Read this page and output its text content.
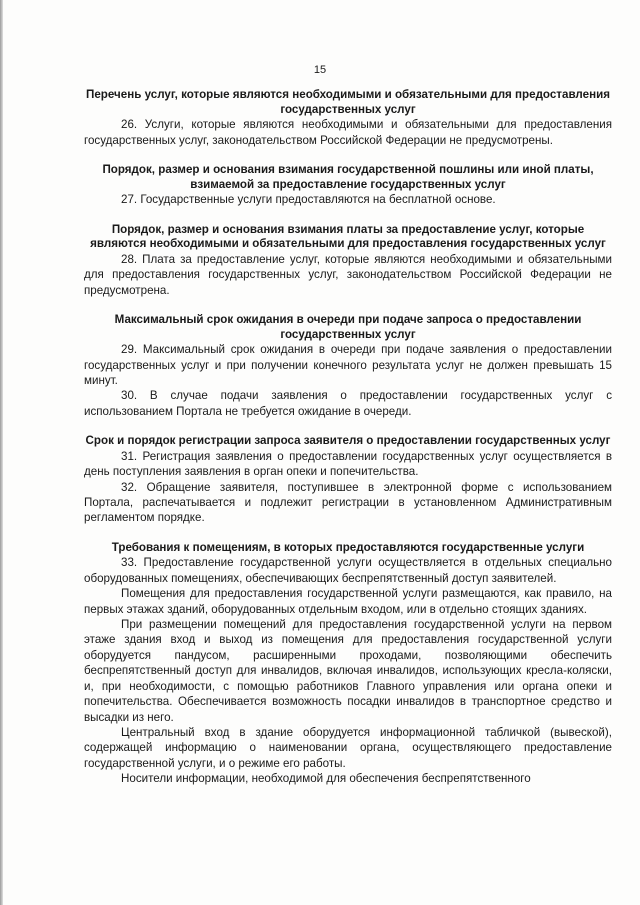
15
Перечень услуг, которые являются необходимыми и обязательными для предоставления государственных услуг

26. Услуги, которые являются необходимыми и обязательными для предоставления государственных услуг, законодательством Российской Федерации не предусмотрены.

Порядок, размер и основания взимания государственной пошлины или иной платы, взимаемой за предоставление государственных услуг

27. Государственные услуги предоставляются на бесплатной основе.

Порядок, размер и основания взимания платы за предоставление услуг, которые являются необходимыми и обязательными для предоставления государственных услуг

28. Плата за предоставление услуг, которые являются необходимыми и обязательными для предоставления государственных услуг, законодательством Российской Федерации не предусмотрена.

Максимальный срок ожидания в очереди при подаче запроса о предоставлении государственных услуг

29. Максимальный срок ожидания в очереди при подаче заявления о предоставлении государственных услуг и при получении конечного результата услуг не должен превышать 15 минут.

30. В случае подачи заявления о предоставлении государственных услуг с использованием Портала не требуется ожидание в очереди.

Срок и порядок регистрации запроса заявителя о предоставлении государственных услуг

31. Регистрация заявления о предоставлении государственных услуг осуществляется в день поступления заявления в орган опеки и попечительства.

32. Обращение заявителя, поступившее в электронной форме с использованием Портала, распечатывается и подлежит регистрации в установленном Административным регламентом порядке.

Требования к помещениям, в которых предоставляются государственные услуги

33. Предоставление государственной услуги осуществляется в отдельных специально оборудованных помещениях, обеспечивающих беспрепятственный доступ заявителей.

Помещения для предоставления государственной услуги размещаются, как правило, на первых этажах зданий, оборудованных отдельным входом, или в отдельно стоящих зданиях.

При размещении помещений для предоставления государственной услуги на первом этаже здания вход и выход из помещения для предоставления государственной услуги оборудуется пандусом, расширенными проходами, позволяющими обеспечить беспрепятственный доступ для инвалидов, включая инвалидов, использующих кресла-коляски, и, при необходимости, с помощью работников Главного управления или органа опеки и попечительства. Обеспечивается возможность посадки инвалидов в транспортное средство и высадки из него.

Центральный вход в здание оборудуется информационной табличкой (вывеской), содержащей информацию о наименовании органа, осуществляющего предоставление государственной услуги, и о режиме его работы.

Носители информации, необходимой для обеспечения беспрепятственного
